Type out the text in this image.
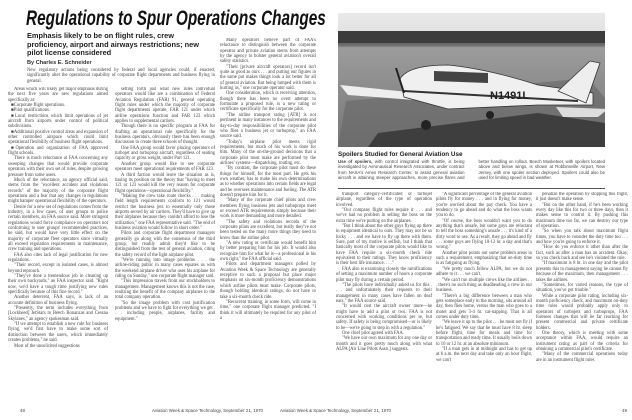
Regulations to Spur Operations Changes
Emphasis likely to be on flight rules, crew proficiency, airport and airways restrictions; new pilot license considered
By Charles E. Schneider
New regulatory actions being considered by federal and local agencies could, if enacted, significantly alter the operational capability of corporate flight departments and business flying in general.

Areas which will likely get major emphasis during the next five years are new regulations aimed specifically at:

■Corporate flight operations.

■Pilot qualifications.

■Local restrictions which limit operations of jet aircraft from airports under control of political subdivisions.

■Additional positive control areas and expansion of other controlled airspace which could limit operational flexibility of business flight operations.

■Operation and organization of FAA approved flight schools.

There is much reluctance at FAA concerning any sweeping changes that would provide corporate operators with their own set of rules, despite growing pressure from some users.

Much of the reluctance, an agency official said, stems from the "excellent accident and violations records" of the majority of the corporate flight operations and a fear that any changes in regulations might hamper operational flexibility of the operators.

Desire for a new set of regulations comes from the industry, in a few cases, of user groups to police certain members, an FAA source said. More stringent regulations would force compliance on operators not conforming to user groups' recommended practices, he said, but would have very little effect on the majority of corporate fleet operators since virtually all exceed regulation requirements in maintenance, crew training and operations.

FAA also cites lack of legal justification for new regulations.

"Their record, except in isolated cases, is almost beyond reproach.

"They've done a tremendous job in cleaning up their own backyards," an FAA inspector said. "Right now, we'd have a tough time justifying new rules specifically because of this fine record."

Another deterrent, FAA says, is lack of an accurate definition of business flying.

"Presently, the term includes everything from [Lockheed] JetStars to Beech Bonanzas and Cessna Skylanes," an agency spokesman said.

"If we attempt to establish a new rule for business flying, we'd first have to make some sort of distinction between the users, which immediately creates problems," he said.

Most of the unsolicited suggestions

setting forth just what new rules individual operators would like are a combination of Federal Aviation Regulation (FAR) 91, general operating flight rules under which the majority of corporate flight departments operate, FAR 121 under which airline operations function and FAR 123 which applies to supplemental carriers.

Though there is no specific program at FAA for drafting an operational rule specifically for the business operators, obviously there has been enough discussion to create three schools of thought.

One FAA group would favor placing operators of turbojet and turboprop aircraft, regardless of seating capacity or gross weight, under Part 121.

Another group would like to see corporate operators meet operational requirements of FAR 123.

A third faction would leave the situation as is, basing its position on the theory that "having to meet 121 or 123 would kill the very reason for corporate flight operations—operational flexibility."

"Making the crew take route checks . . . making field length requirements conform to 121 would restrict the business jets to essentially only those airports served by air carriers. They'd have to give up their airplanes because they couldn't afford to lose the utilization," one FAA representative said. "The end of business aviation would follow in short order."

Pilots and corporate flight department managers generally go along with the consensus of the third group, but readily admit they'd like to be distinguished from the rest of general aviation, citing the safety record of the light airplane pilot.

"We're running into image problems . . . the airline-riding public in many cases equates us with the weekend airplane driver who uses his airplane for riding on Sunday," one corporate flight manager said.

"This impression travels from our stockholders to management. Management knows this is not the case, realizing the benefit of the company airplanes to the total company operation.

"So the image problem with cost justification problems and we have to fight for everything we get . . . including people, airplanes, facility and equipment."

Many operators believe part of FAA's reluctance to distinguish between the corporate operator and private aviation stems from attempts by the agency to bolster general aviation's overall safety statistics.

"Their [private aircraft operators] record isn't quite as good as ours . . . and putting our figures in the same pot makes things look a lot better for all of general aviation. But being lumped with them is hurting us," one corporate operator said.

One consideration, which is receiving attention, though there has been no overt attempt to formulate a proposed rule, is a new rating or certificate specifically for the corporate pilot.

"The airline transport rating [ATR] is not pertinent in many instances to the requirements and day-to-day responsibilities of the corporate pilot who flies a business jet or turboprop," an FAA source said.

"Today's airplane pilot meets rigid requirements, but much of his work is done for him. Many of the on-the-ground decisions that a corporate pilot must make are performed by the airlines' systems—dispatching, routing, etc.

"By contrast, the corporate pilot must do these things for himself, for the most part. He gets his own weather, has to make his own determinations as to whether operations into certain fields are legal and he oversees maintenance and fueling. The ATR doesn't prepare him for it.

"Many of the corporate chief pilots and crew members flying business jets and turboprops meet or exceed ATR requirements simply because their work is more demanding and more detailed.

"The safety and violations records of the corporate pilots are excellent, but really they've not been tested on the many more things they need to know than the airline pilot.

"A new rating or certificate would benefit him by better preparing him for his job. It would also recognize him for what he is—a professional in his own right," the FAA official said.

Pilots and department managers polled by Aviation Week & Space Technology are generally receptive to such a proposal but place major emphasis on six-month proficiency demonstrations which airline pilots must make. Corporate pilots, though holding identical ratings, do not have to take a six-month check ride.

"Recurrent training, in some form, will come in time," one corporate flight manager predicted. "I think it will ultimately be required for any pilot of a

N1491L
Spoilers Studied for General Aviation Use
Use of spoilers, with control integrated with throttle, is being investigated by Aeronautical Research Associates, under contract from NASA's Ames Research Center, to assist general aviation aircraft in attaining steeper approaches, more precise flares and better handling on rollout. Beech Musketeer, with spoilers located above and below wings, is shown at Robbinsville Airport, New Jersey, with one spoiler section deployed. Spoilers could also be used for limiting speed in bad weather.

transport category-certificated or turbojet airplane, regardless of the type of operation involved.

"Our company flight rules require it . . . and we've had no problem in selling the boss on the extra time we're putting on the airplanes.

"But I think about the other guys flying up there in equipment identical to ours. They may not be so lucky . . . and we have to fly up there with them. Sure, part of my motive is selfish, but I think that basically most of the corporate pilots would like to have FAA require a six-month check ride equivalent to their ratings. They know proficiency is their best life insurance. . . ."

FAA also is examining closely the ramifications of setting a maximum number of hours a corporate pilot may fly during a certain period.

"The pilots have individually asked us for this . . . and unfortunately their requests to their management in many cases have fallen on deaf ears," the FAA source said.

"It would cost the aircraft owner more—he might have to add a pilot or two. FAA is not concerned with working conditions per se, but safety. If safety is being compromised—or is likely to be—we're going to step in with a regulation."

One chief pilot agreed with FAA.

"We have our own maximum for any one day or month and it goes pretty much along with what ALPA [Air Line Pilots Assn.] suggests.

"A significant percentage of the general aviation pilots fly for money . . . and in flying for money, you're worried about the pay check. You have a tendency to go ahead and do what the boss wants you to do.

"Of course, the boss wouldn't want you to do anything that's unsafe, but some guys are reluctant to tell the boss something's unsafe . . . it's kind of a dirty word to use. As a result, they go ahead and fly . . . some guys are flying 10-12 hr. a day and that's wrong."

Another pilot points out some problem areas in such a requirement, emphasizing that on-duty time is as fatiguing as flying.

"We pretty much follow ALPA, but we do not adhere to it . . . we can't.

"We can't run multiple crews like the airlines . . . there's no such thing as deadheading a crew in our business.

"There's a big difference between a man who gets someplace early in the morning, sits around all day, then flies home, versus the man who goes to a motel and gets 3-4 hr. cat-napping. That is all comes under duty time.

"We leave it up to the pilot . . . he must not fly if he's fatigued. We say that he must have 8 hr. sleep before flight, time for meals and time for transportation and ready time. It usually boils down to 10 or 12 hr. at an absolute minimum.

"If a man gets in at midnight and has to get up at 6 a.m. the next day and take only an hour flight, we can't

penalize the operation by stopping this flight, it just doesn't make sense.

"But on the other hand, if he's been working every day like this for two or three days, then it makes sense to control it. By pushing this maximum time too far, we can destroy our type of operation.

"So when you talk about maximum flight times, you have to consider the duty time too . . . and how you're going to enforce it.

"How do you enforce it other than after the fact, such as after a man has an accident. Okay, so you check back and see he's violated the rule.

"If maximum is 8 hr. in one day and the pilot presents this to management saying he cannot fly because of the maximum, then management . . . takes the airlines.

"Sometimes, for varied reasons, the type of situation, you've got trouble."

While a corporate pilot rating, including six-month proficiency check, and maximum on-duty time rules would probably apply only to operators of turbojets and turboprops, FAA foresees changes that will be far reaching for present commercial and private certificate holders.

One theory, which is meeting with some acceptance within FAA, would require an instrument rating as part of the criteria for obtaining a commercial pilot's certificate.

"Many of the commercial operations today are in an instrument flight rules

48	Aviation Week & Space Technology, September 21, 1970	Aviation Week & Space Technology, September 21, 1970	49
